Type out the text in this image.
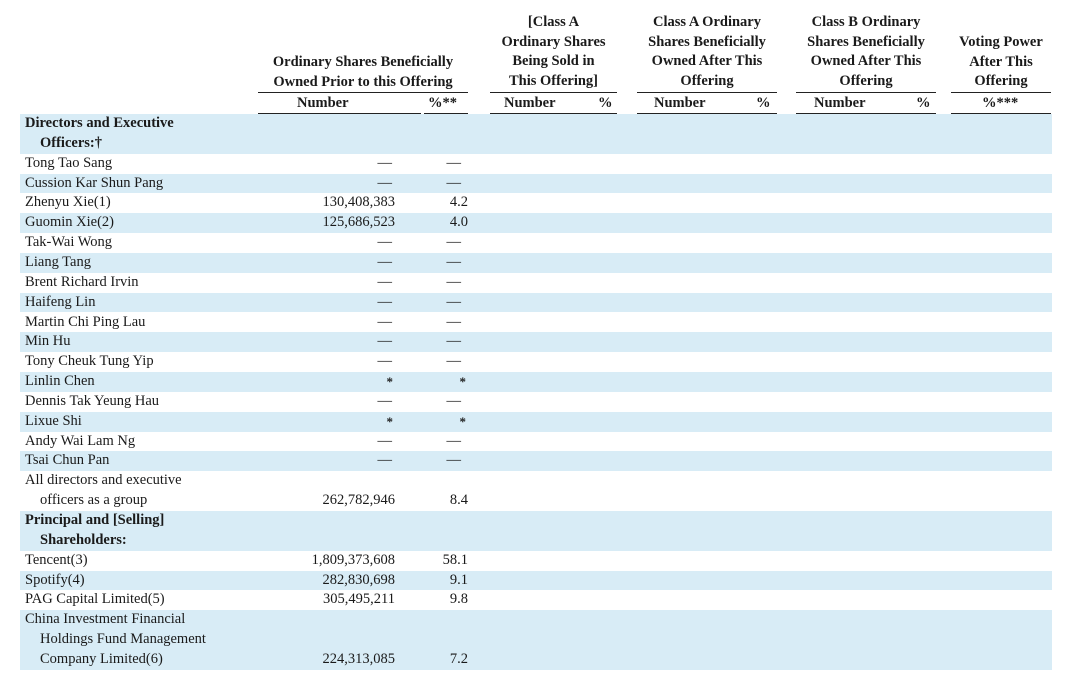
Ordinary Shares Beneficially
Owned Prior to this Offering
[Class A
Ordinary Shares
Being Sold in
This Offering]
Class A Ordinary
Shares Beneficially
Owned After This
Offering
Class B Ordinary
Shares Beneficially
Owned After This
Offering
Voting Power
After This
Offering
Number	%**	Number	%	Number	%	Number	%	%***
Directors and Executive
Officers:†
Tong Tao Sang	—	—
Cussion Kar Shun Pang	—	—
Zhenyu Xie(1)	130,408,383	4.2
Guomin Xie(2)	125,686,523	4.0
Tak-Wai Wong	—	—
Liang Tang	—	—
Brent Richard Irvin	—	—
Haifeng Lin	—	—
Martin Chi Ping Lau	—	—
Min Hu	—	—
Tony Cheuk Tung Yip	—	—
Linlin Chen	*	*
Dennis Tak Yeung Hau	—	—
Lixue Shi	*	*
Andy Wai Lam Ng	—	—
Tsai Chun Pan	—	—
All directors and executive
officers as a group	262,782,946	8.4
Principal and [Selling]
Shareholders:
Tencent(3)	1,809,373,608	58.1
Spotify(4)	282,830,698	9.1
PAG Capital Limited(5)	305,495,211	9.8
China Investment Financial
Holdings Fund Management
Company Limited(6)	224,313,085	7.2
